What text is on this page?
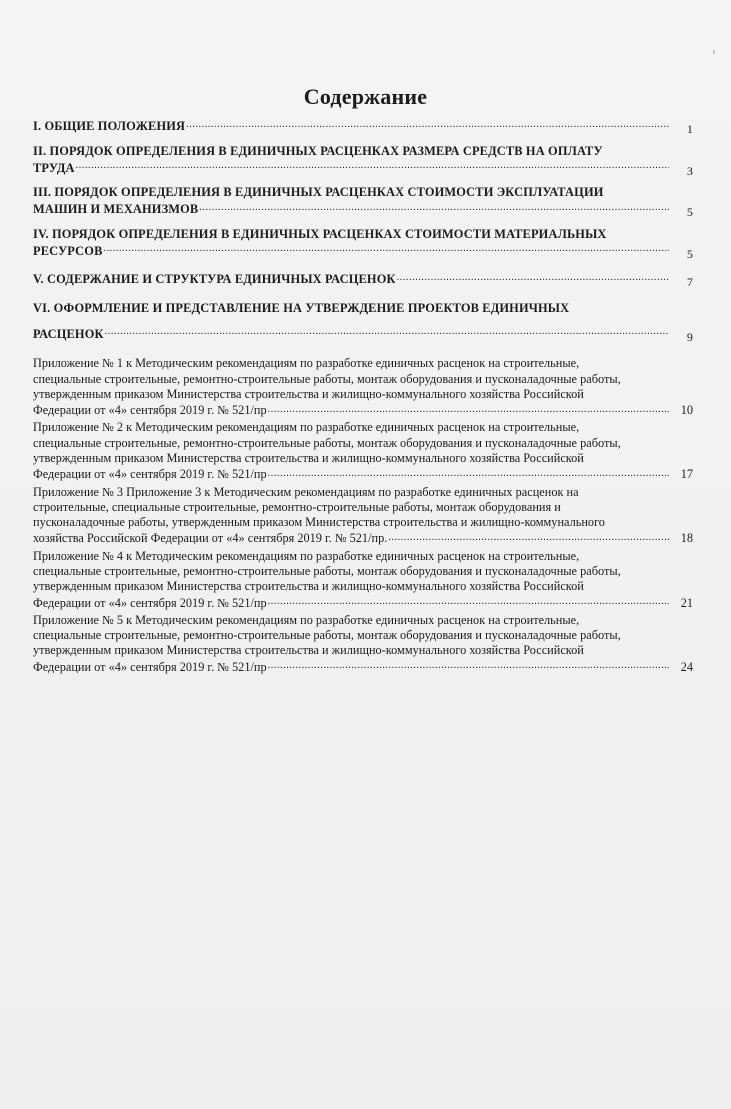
Содержание
I. ОБЩИЕ ПОЛОЖЕНИЯ .....	1
II. ПОРЯДОК ОПРЕДЕЛЕНИЯ В ЕДИНИЧНЫХ РАСЦЕНКАХ РАЗМЕРА СРЕДСТВ НА ОПЛАТУ
ТРУДА .....	3
III. ПОРЯДОК ОПРЕДЕЛЕНИЯ В ЕДИНИЧНЫХ РАСЦЕНКАХ СТОИМОСТИ ЭКСПЛУАТАЦИИ
МАШИН И МЕХАНИЗМОВ .....	5
IV. ПОРЯДОК ОПРЕДЕЛЕНИЯ В ЕДИНИЧНЫХ РАСЦЕНКАХ СТОИМОСТИ МАТЕРИАЛЬНЫХ
РЕСУРСОВ .....	5
V. СОДЕРЖАНИЕ И СТРУКТУРА ЕДИНИЧНЫХ РАСЦЕНОК .....	7
VI. ОФОРМЛЕНИЕ И ПРЕДСТАВЛЕНИЕ НА УТВЕРЖДЕНИЕ ПРОЕКТОВ ЕДИНИЧНЫХ
РАСЦЕНОК .....	9
Приложение № 1 к Методическим рекомендациям по разработке единичных расценок на строительные,
специальные строительные, ремонтно-строительные работы, монтаж оборудования и пусконаладочные работы,
утвержденным приказом Министерства строительства и жилищно-коммунального хозяйства Российской
Федерации от «4» сентября 2019 г. № 521/пр .....	10
Приложение № 2 к Методическим рекомендациям по разработке единичных расценок на строительные,
специальные строительные, ремонтно-строительные работы, монтаж оборудования и пусконаладочные работы,
утвержденным приказом Министерства строительства и жилищно-коммунального хозяйства Российской
Федерации от «4» сентября 2019 г. № 521/пр .....	17
Приложение № 3 Приложение 3 к Методическим рекомендациям по разработке единичных расценок на
строительные, специальные строительные, ремонтно-строительные работы, монтаж оборудования и
пусконаладочные работы, утвержденным приказом Министерства строительства и жилищно-коммунального
хозяйства Российской Федерации от «4» сентября 2019 г. № 521/пр. .....	18
Приложение № 4 к Методическим рекомендациям по разработке единичных расценок на строительные,
специальные строительные, ремонтно-строительные работы, монтаж оборудования и пусконаладочные работы,
утвержденным приказом Министерства строительства и жилищно-коммунального хозяйства Российской
Федерации от «4» сентября 2019 г. № 521/пр .....	21
Приложение № 5 к Методическим рекомендациям по разработке единичных расценок на строительные,
специальные строительные, ремонтно-строительные работы, монтаж оборудования и пусконаладочные работы,
утвержденным приказом Министерства строительства и жилищно-коммунального хозяйства Российской
Федерации от «4» сентября 2019 г. № 521/пр .....	24
